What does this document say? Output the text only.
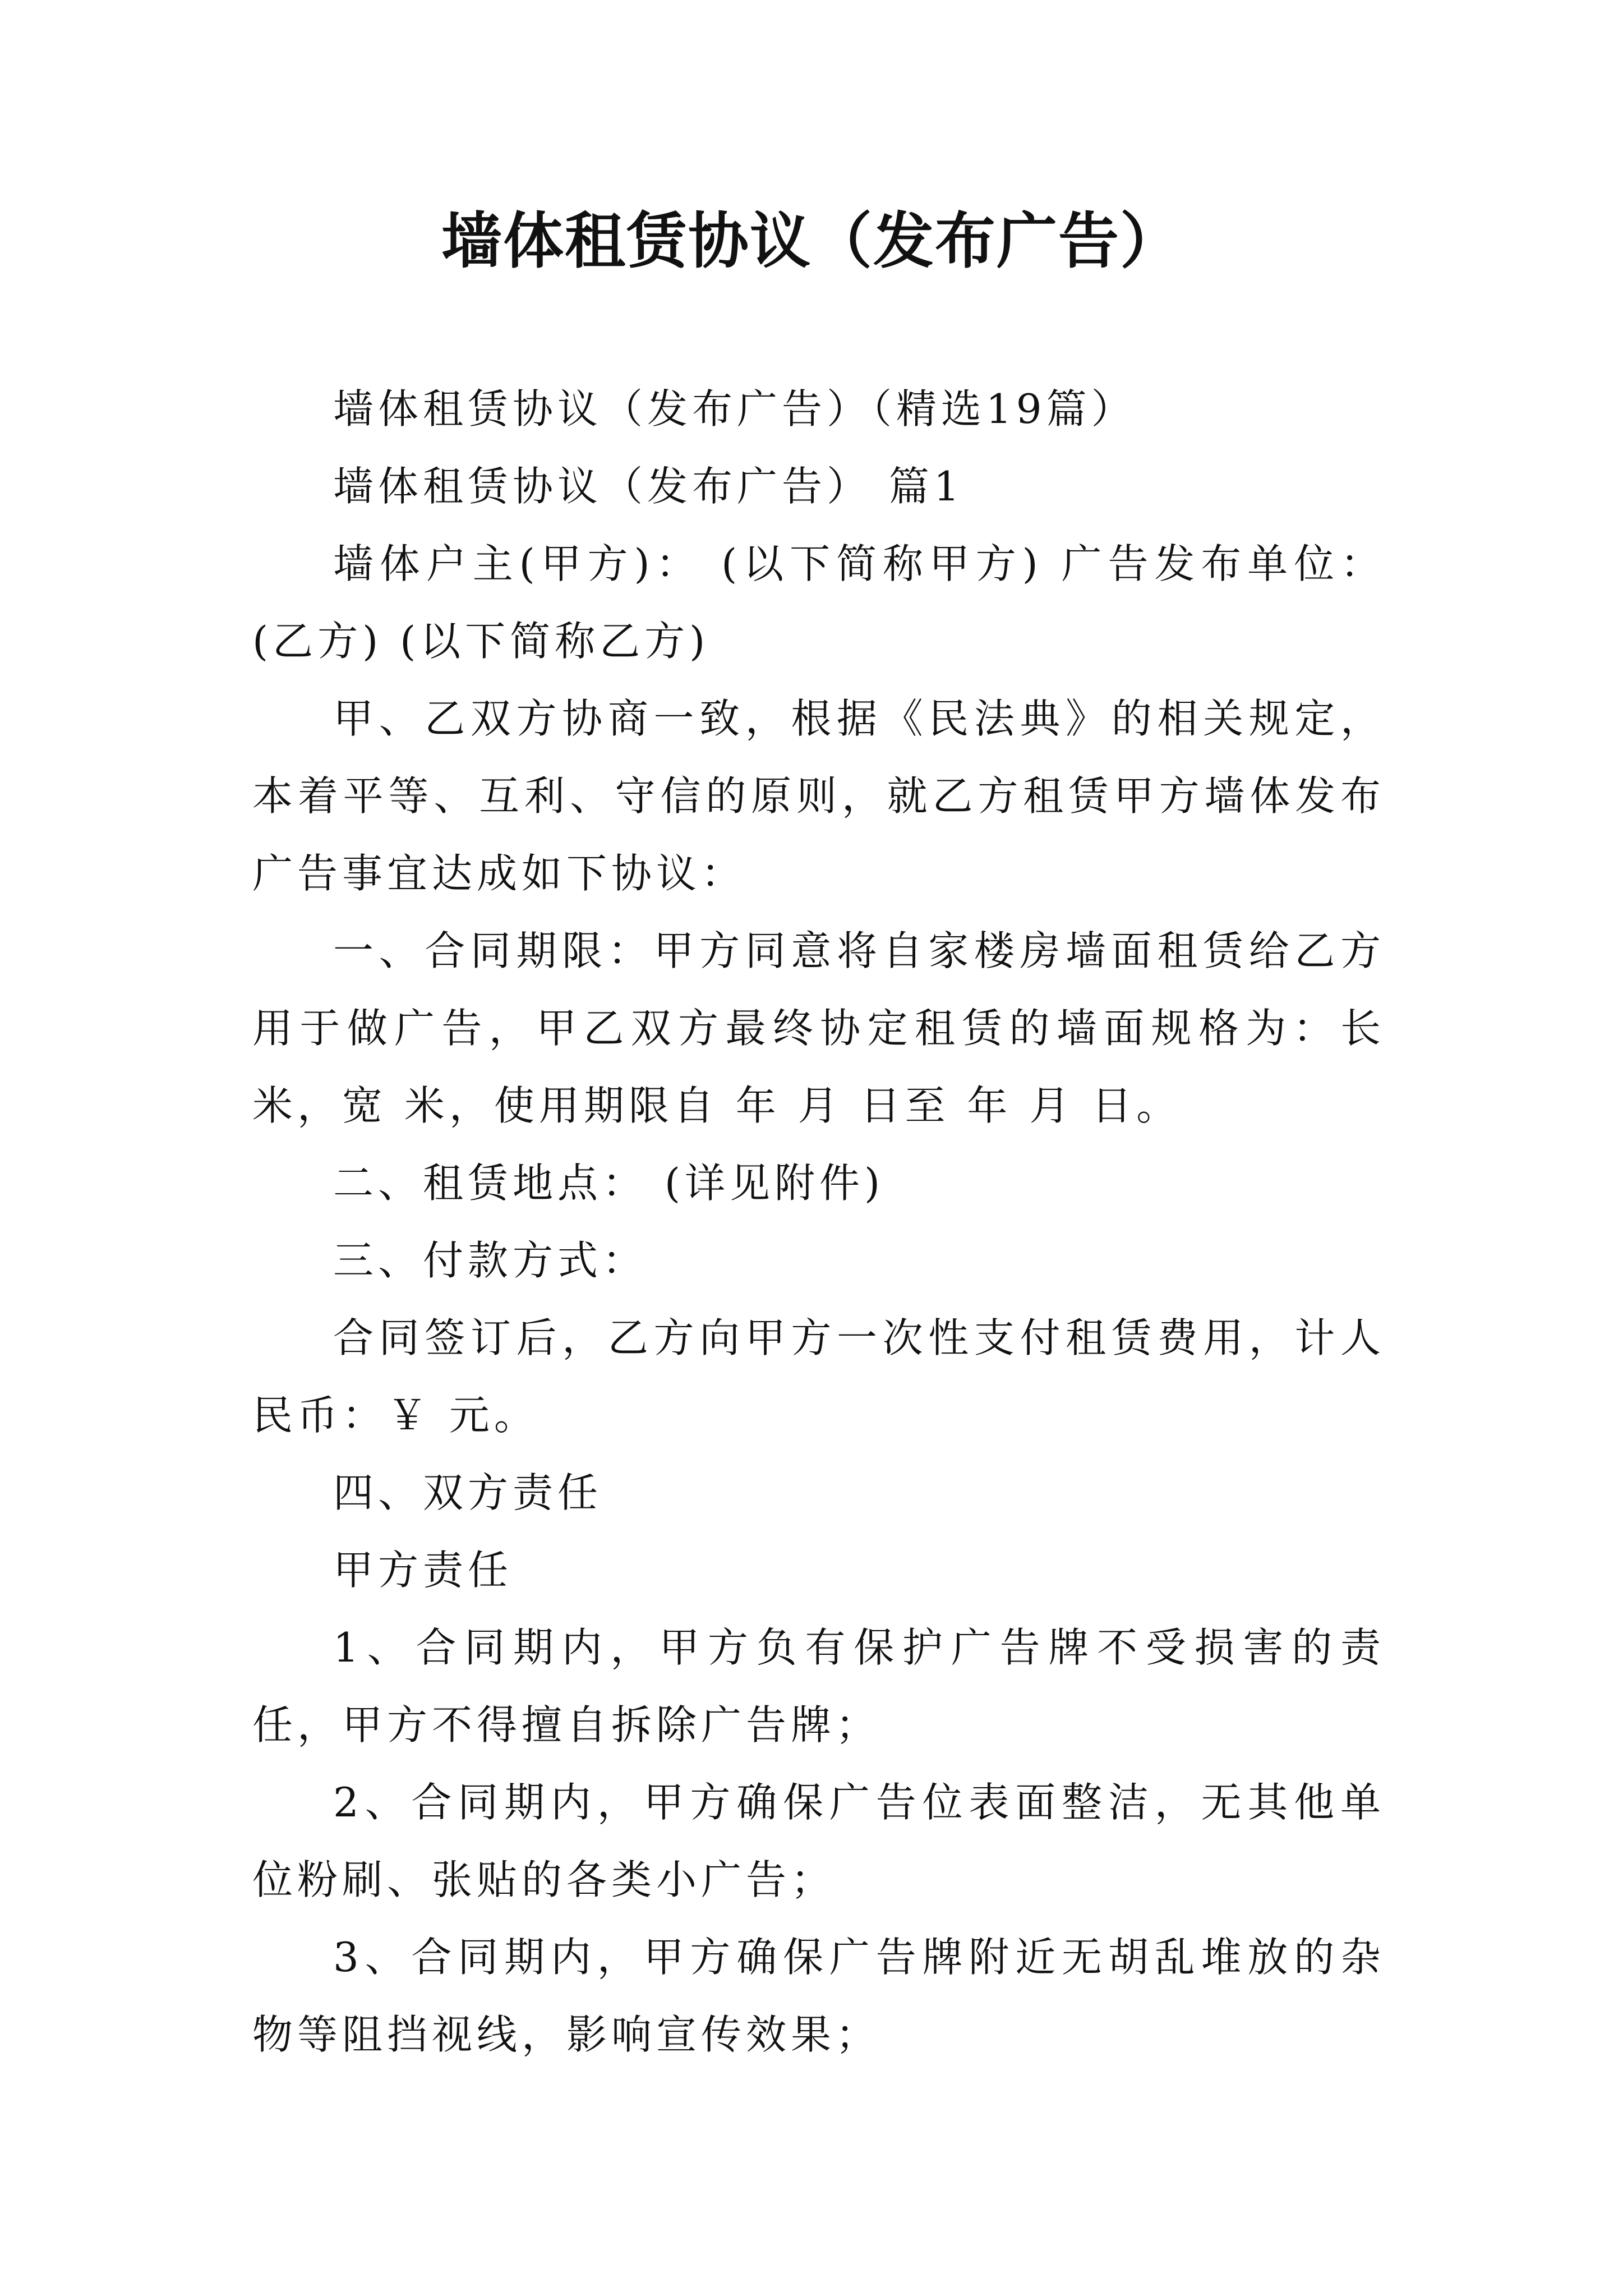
墙体租赁协议（发布广告）

墙体租赁协议（发布广告）（精选19篇）

墙体租赁协议（发布广告） 篇1

墙体户主(甲方)： (以下简称甲方) 广告发布单位：(乙方) (以下简称乙方)

甲、乙双方协商一致，根据《民法典》的相关规定，本着平等、互利、守信的原则，就乙方租赁甲方墙体发布广告事宜达成如下协议：

一、合同期限：甲方同意将自家楼房墙面租赁给乙方用于做广告，甲乙双方最终协定租赁的墙面规格为：长 米，宽 米，使用期限自 年 月 日至 年 月 日。

二、租赁地点： (详见附件)

三、付款方式：

合同签订后，乙方向甲方一次性支付租赁费用，计人民币：￥ 元。

四、双方责任

甲方责任

1、合同期内，甲方负有保护广告牌不受损害的责任，甲方不得擅自拆除广告牌；

2、合同期内，甲方确保广告位表面整洁，无其他单位粉刷、张贴的各类小广告；

3、合同期内，甲方确保广告牌附近无胡乱堆放的杂物等阻挡视线，影响宣传效果；
